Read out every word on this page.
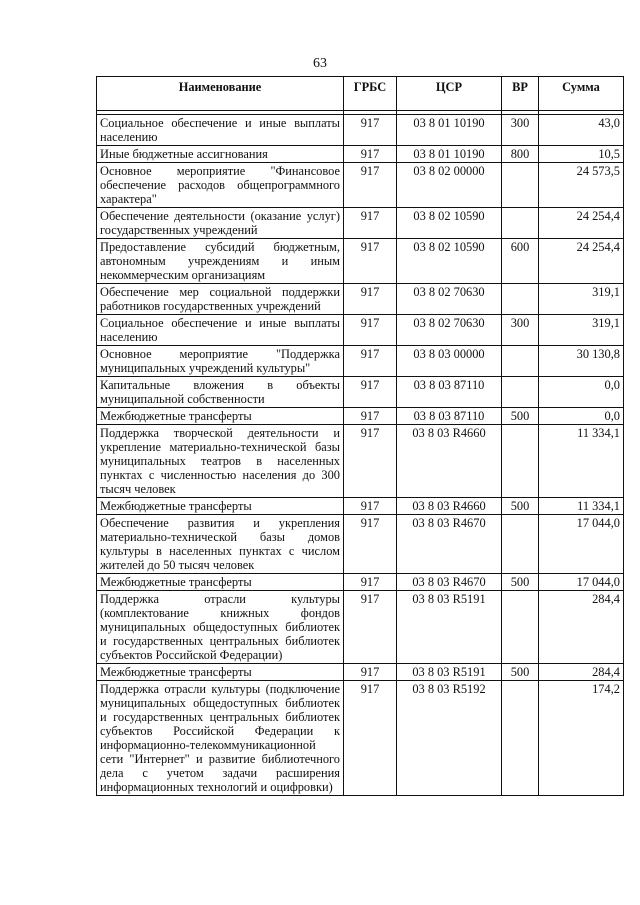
63
Наименование	ГРБС	ЦСР	ВР	Сумма

Социальное обеспечение и иные выплаты населению	917	03 8 01 10190	300	43,0
Иные бюджетные ассигнования	917	03 8 01 10190	800	10,5
Основное мероприятие "Финансовое обеспечение расходов общепрограммного характера"	917	03 8 02 00000		24 573,5
Обеспечение деятельности (оказание услуг) государственных учреждений	917	03 8 02 10590		24 254,4
Предоставление субсидий бюджетным, автономным учреждениям и иным некоммерческим организациям	917	03 8 02 10590	600	24 254,4
Обеспечение мер социальной поддержки работников государственных учреждений	917	03 8 02 70630		319,1
Социальное обеспечение и иные выплаты населению	917	03 8 02 70630	300	319,1
Основное мероприятие "Поддержка муниципальных учреждений культуры"	917	03 8 03 00000		30 130,8
Капитальные вложения в объекты муниципальной собственности	917	03 8 03 87110		0,0
Межбюджетные трансферты	917	03 8 03 87110	500	0,0
Поддержка творческой деятельности и укрепление материально-технической базы муниципальных театров в населенных пунктах с численностью населения до 300 тысяч человек	917	03 8 03 R4660		11 334,1
Межбюджетные трансферты	917	03 8 03 R4660	500	11 334,1
Обеспечение развития и укрепления материально-технической базы домов культуры в населенных пунктах с числом жителей до 50 тысяч человек	917	03 8 03 R4670		17 044,0
Межбюджетные трансферты	917	03 8 03 R4670	500	17 044,0
Поддержка отрасли культуры (комплектование книжных фондов муниципальных общедоступных библиотек и государственных центральных библиотек субъектов Российской Федерации)	917	03 8 03 R5191		284,4
Межбюджетные трансферты	917	03 8 03 R5191	500	284,4
Поддержка отрасли культуры (подключение муниципальных общедоступных библиотек и государственных центральных библиотек субъектов Российской Федерации к информационно-телекоммуникационной сети "Интернет" и развитие библиотечного дела с учетом задачи расширения информационных технологий и оцифровки)	917	03 8 03 R5192		174,2
